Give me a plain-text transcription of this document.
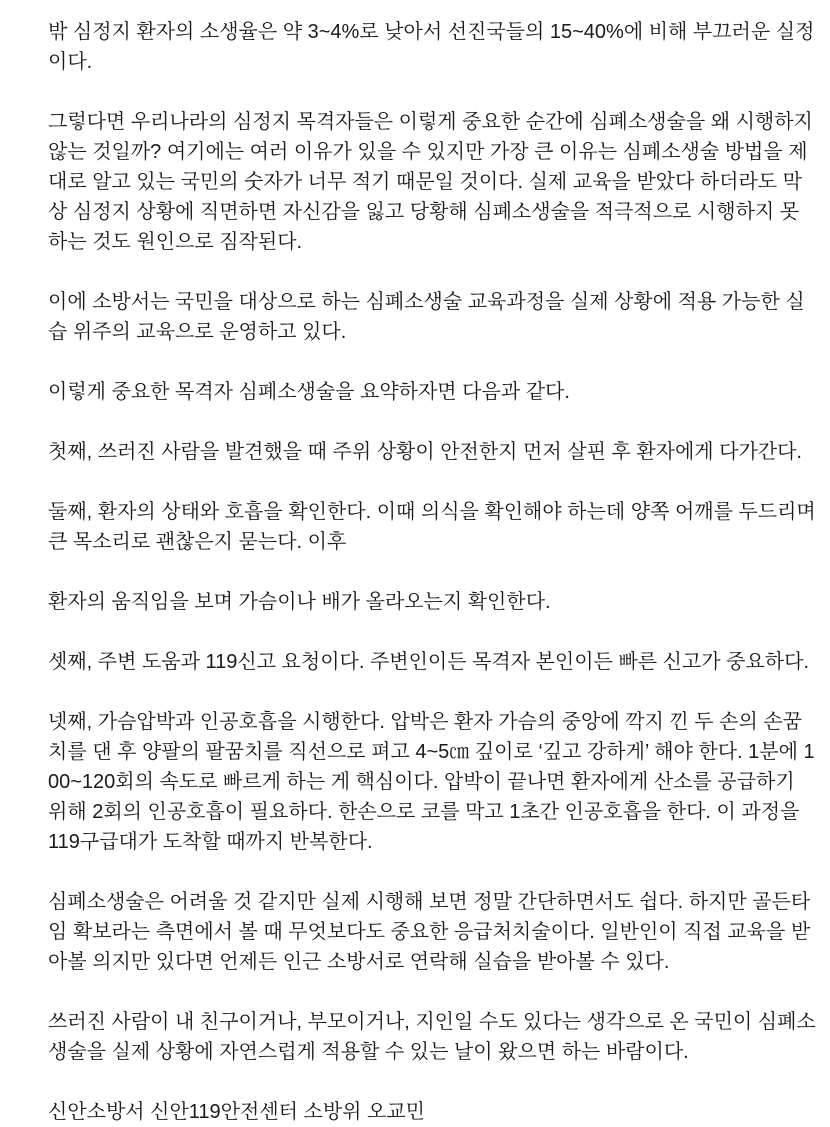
밖 심정지 환자의 소생율은 약 3~4%로 낮아서 선진국들의 15~40%에 비해 부끄러운 실정이다.

그렇다면 우리나라의 심정지 목격자들은 이렇게 중요한 순간에 심폐소생술을 왜 시행하지 않는 것일까? 여기에는 여러 이유가 있을 수 있지만 가장 큰 이유는 심폐소생술 방법을 제대로 알고 있는 국민의 숫자가 너무 적기 때문일 것이다. 실제 교육을 받았다 하더라도 막상 심정지 상황에 직면하면 자신감을 잃고 당황해 심폐소생술을 적극적으로 시행하지 못하는 것도 원인으로 짐작된다.

이에 소방서는 국민을 대상으로 하는 심폐소생술 교육과정을 실제 상황에 적용 가능한 실습 위주의 교육으로 운영하고 있다.

이렇게 중요한 목격자 심폐소생술을 요약하자면 다음과 같다.

첫째, 쓰러진 사람을 발견했을 때 주위 상황이 안전한지 먼저 살핀 후 환자에게 다가간다.

둘째, 환자의 상태와 호흡을 확인한다. 이때 의식을 확인해야 하는데 양쪽 어깨를 두드리며 큰 목소리로 괜찮은지 묻는다. 이후

환자의 움직임을 보며 가슴이나 배가 올라오는지 확인한다.

셋째, 주변 도움과 119신고 요청이다. 주변인이든 목격자 본인이든 빠른 신고가 중요하다.

넷째, 가슴압박과 인공호흡을 시행한다. 압박은 환자 가슴의 중앙에 깍지 낀 두 손의 손꿈치를 댄 후 양팔의 팔꿈치를 직선으로 펴고 4~5㎝ 깊이로 ‘깊고 강하게’ 해야 한다. 1분에 100~120회의 속도로 빠르게 하는 게 핵심이다. 압박이 끝나면 환자에게 산소를 공급하기 위해 2회의 인공호흡이 필요하다. 한손으로 코를 막고 1초간 인공호흡을 한다. 이 과정을 119구급대가 도착할 때까지 반복한다.

심폐소생술은 어려울 것 같지만 실제 시행해 보면 정말 간단하면서도 쉽다. 하지만 골든타임 확보라는 측면에서 볼 때 무엇보다도 중요한 응급처치술이다. 일반인이 직접 교육을 받아볼 의지만 있다면 언제든 인근 소방서로 연락해 실습을 받아볼 수 있다.

쓰러진 사람이 내 친구이거나, 부모이거나, 지인일 수도 있다는 생각으로 온 국민이 심폐소생술을 실제 상황에 자연스럽게 적용할 수 있는 날이 왔으면 하는 바람이다.

신안소방서 신안119안전센터 소방위 오교민
